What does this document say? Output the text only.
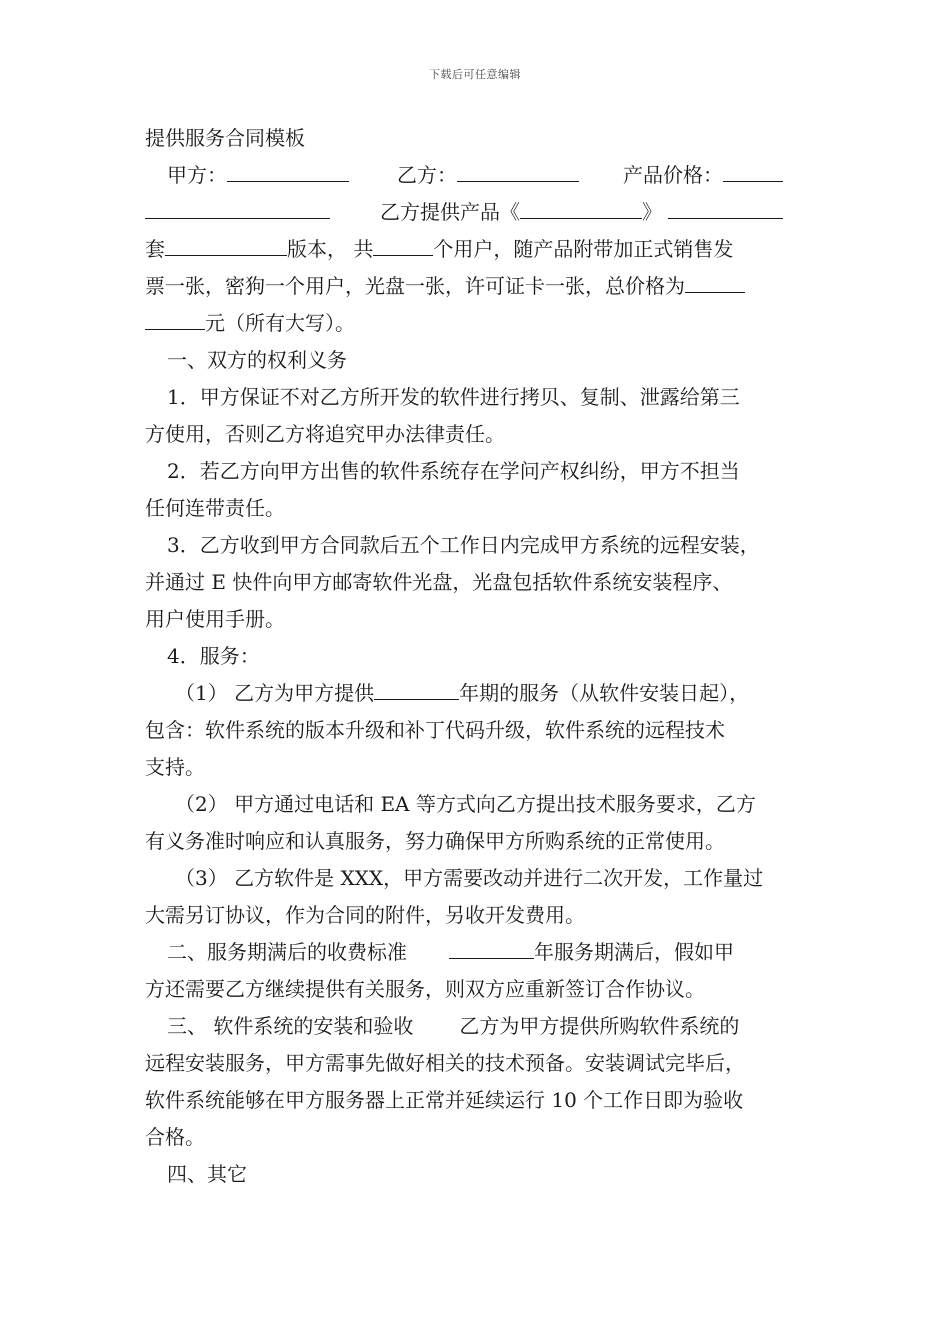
下载后可任意编辑
提供服务合同模板
甲方：	乙方：	产品价格：
乙方提供产品《	》
套	版本， 共	个用户，随产品附带加正式销售发
票一张，密狗一个用户，光盘一张，许可证卡一张，总价格为
元（所有大写）。
一、双方的权利义务
1．甲方保证不对乙方所开发的软件进行拷贝、复制、泄露给第三
方使用，否则乙方将追究甲办法律责任。
2．若乙方向甲方出售的软件系统存在学问产权纠纷，甲方不担当
任何连带责任。
3．乙方收到甲方合同款后五个工作日内完成甲方系统的远程安装，
并通过 E 快件向甲方邮寄软件光盘，光盘包括软件系统安装程序、
用户使用手册。
4．服务：
（1） 乙方为甲方提供	年期的服务（从软件安装日起），
包含：软件系统的版本升级和补丁代码升级，软件系统的远程技术
支持。
（2） 甲方通过电话和 EA 等方式向乙方提出技术服务要求，乙方
有义务准时响应和认真服务，努力确保甲方所购系统的正常使用。
（3） 乙方软件是 XXX，甲方需要改动并进行二次开发，工作量过
大需另订协议，作为合同的附件，另收开发费用。
二、服务期满后的收费标准	年服务期满后，假如甲
方还需要乙方继续提供有关服务，则双方应重新签订合作协议。
三、 软件系统的安装和验收 乙方为甲方提供所购软件系统的
远程安装服务，甲方需事先做好相关的技术预备。安装调试完毕后，
软件系统能够在甲方服务器上正常并延续运行 10 个工作日即为验收
合格。
四、其它
